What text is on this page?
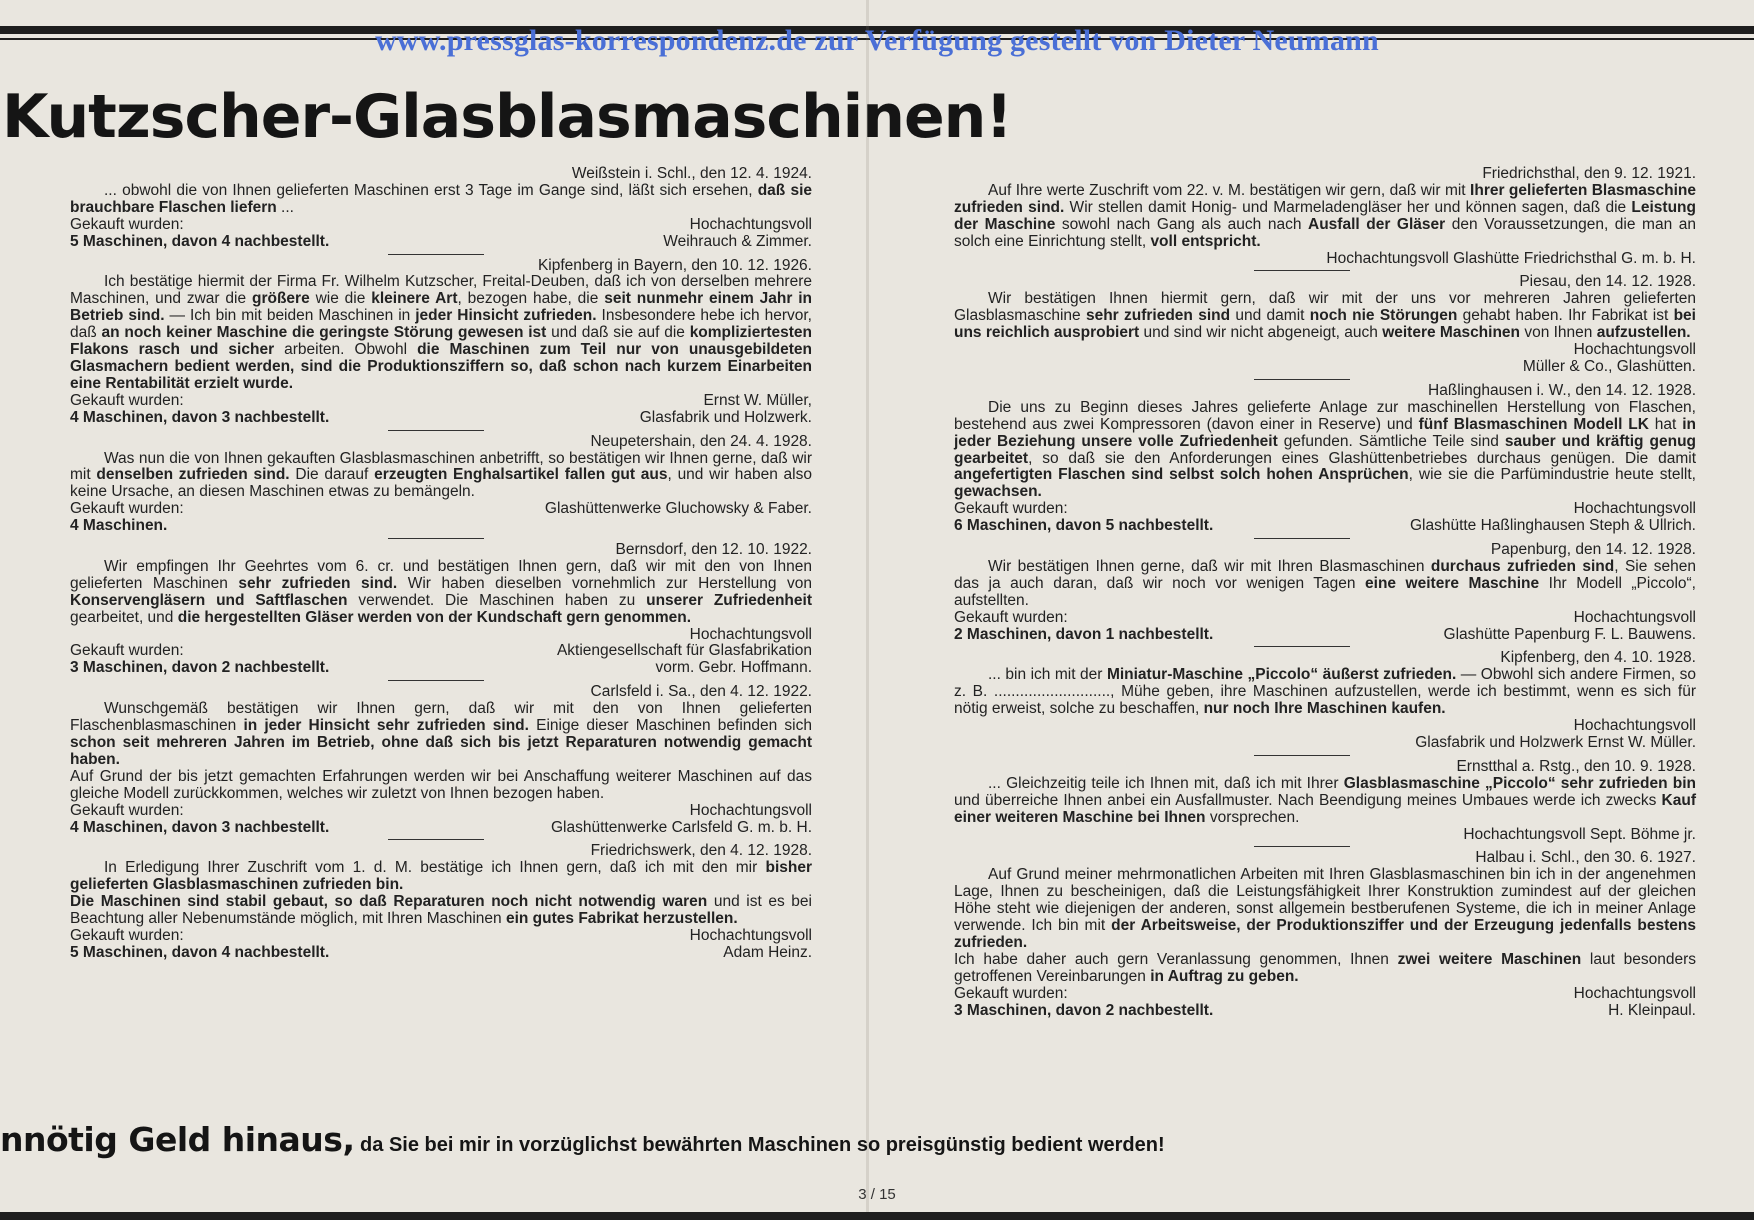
www.pressglas-korrespondenz.de zur Verfügung gestellt von Dieter Neumann
Kutzscher-Glasblasmaschinen!
Weißstein i. Schl., den 12. 4. 1924.
... obwohl die von Ihnen gelieferten Maschinen erst 3 Tage im Gange sind, läßt sich ersehen, daß sie brauchbare Flaschen liefern ...
Gekauft wurden:
5 Maschinen, davon 4 nachbestellt.
Hochachtungsvoll
Weihrauch & Zimmer.
Kipfenberg in Bayern, den 10. 12. 1926.
Ich bestätige hiermit der Firma Fr. Wilhelm Kutzscher, Freital-Deuben, daß ich von derselben mehrere Maschinen, und zwar die größere wie die kleinere Art, bezogen habe, die seit nunmehr einem Jahr in Betrieb sind. — Ich bin mit beiden Maschinen in jeder Hinsicht zufrieden. Insbesondere hebe ich hervor, daß an noch keiner Maschine die geringste Störung gewesen ist und daß sie auf die kompliziertesten Flakons rasch und sicher arbeiten. Obwohl die Maschinen zum Teil nur von unausgebildeten Glasmachern bedient werden, sind die Produktionsziffern so, daß schon nach kurzem Einarbeiten eine Rentabilität erzielt wurde.
Gekauft wurden:
4 Maschinen, davon 3 nachbestellt.
Ernst W. Müller,
Glasfabrik und Holzwerk.
Neupetershain, den 24. 4. 1928.
Was nun die von Ihnen gekauften Glasblasmaschinen anbetrifft, so bestätigen wir Ihnen gerne, daß wir mit denselben zufrieden sind. Die darauf erzeugten Enghalsartikel fallen gut aus, und wir haben also keine Ursache, an diesen Maschinen etwas zu bemängeln.
Gekauft wurden:
4 Maschinen.
Glashüttenwerke Gluchowsky & Faber.
Bernsdorf, den 12. 10. 1922.
Wir empfingen Ihr Geehrtes vom 6. cr. und bestätigen Ihnen gern, daß wir mit den von Ihnen gelieferten Maschinen sehr zufrieden sind. Wir haben dieselben vornehmlich zur Herstellung von Konservengläsern und Saftflaschen verwendet. Die Maschinen haben zu unserer Zufriedenheit gearbeitet, und die hergestellten Gläser werden von der Kundschaft gern genommen.
Gekauft wurden:
3 Maschinen, davon 2 nachbestellt.
Hochachtungsvoll
Aktiengesellschaft für Glasfabrikation
vorm. Gebr. Hoffmann.
Carlsfeld i. Sa., den 4. 12. 1922.
Wunschgemäß bestätigen wir Ihnen gern, daß wir mit den von Ihnen gelieferten Flaschenblasmaschinen in jeder Hinsicht sehr zufrieden sind. Einige dieser Maschinen befinden sich schon seit mehreren Jahren im Betrieb, ohne daß sich bis jetzt Reparaturen notwendig gemacht haben.
Auf Grund der bis jetzt gemachten Erfahrungen werden wir bei Anschaffung weiterer Maschinen auf das gleiche Modell zurückkommen, welches wir zuletzt von Ihnen bezogen haben.
Gekauft wurden:
4 Maschinen, davon 3 nachbestellt.
Hochachtungsvoll
Glashüttenwerke Carlsfeld G. m. b. H.
Friedrichswerk, den 4. 12. 1928.
In Erledigung Ihrer Zuschrift vom 1. d. M. bestätige ich Ihnen gern, daß ich mit den mir bisher gelieferten Glasblasmaschinen zufrieden bin.
Die Maschinen sind stabil gebaut, so daß Reparaturen noch nicht notwendig waren und ist es bei Beachtung aller Nebenumstände möglich, mit Ihren Maschinen ein gutes Fabrikat herzustellen.
Gekauft wurden:
5 Maschinen, davon 4 nachbestellt.
Hochachtungsvoll
Adam Heinz.
Friedrichsthal, den 9. 12. 1921.
Auf Ihre werte Zuschrift vom 22. v. M. bestätigen wir gern, daß wir mit Ihrer gelieferten Blasmaschine zufrieden sind. Wir stellen damit Honig- und Marmeladengläser her und können sagen, daß die Leistung der Maschine sowohl nach Gang als auch nach Ausfall der Gläser den Voraussetzungen, die man an solch eine Einrichtung stellt, voll entspricht.
Hochachtungsvoll Glashütte Friedrichsthal G. m. b. H.
Piesau, den 14. 12. 1928.
Wir bestätigen Ihnen hiermit gern, daß wir mit der uns vor mehreren Jahren gelieferten Glasblasmaschine sehr zufrieden sind und damit noch nie Störungen gehabt haben. Ihr Fabrikat ist bei uns reichlich ausprobiert und sind wir nicht abgeneigt, auch weitere Maschinen von Ihnen aufzustellen.
Hochachtungsvoll
Müller & Co., Glashütten.
Haßlinghausen i. W., den 14. 12. 1928.
Die uns zu Beginn dieses Jahres gelieferte Anlage zur maschinellen Herstellung von Flaschen, bestehend aus zwei Kompressoren (davon einer in Reserve) und fünf Blasmaschinen Modell LK hat in jeder Beziehung unsere volle Zufriedenheit gefunden. Sämtliche Teile sind sauber und kräftig genug gearbeitet, so daß sie den Anforderungen eines Glashüttenbetriebes durchaus genügen. Die damit angefertigten Flaschen sind selbst solch hohen Ansprüchen, wie sie die Parfümindustrie heute stellt, gewachsen.
Gekauft wurden:
6 Maschinen, davon 5 nachbestellt.
Hochachtungsvoll
Glashütte Haßlinghausen Steph & Ullrich.
Papenburg, den 14. 12. 1928.
Wir bestätigen Ihnen gerne, daß wir mit Ihren Blasmaschinen durchaus zufrieden sind, Sie sehen das ja auch daran, daß wir noch vor wenigen Tagen eine weitere Maschine Ihr Modell „Piccolo“, aufstellten.
Gekauft wurden:
2 Maschinen, davon 1 nachbestellt.
Hochachtungsvoll
Glashütte Papenburg F. L. Bauwens.
Kipfenberg, den 4. 10. 1928.
... bin ich mit der Miniatur-Maschine „Piccolo“ äußerst zufrieden. — Obwohl sich andere Firmen, so z. B. ..........................., Mühe geben, ihre Maschinen aufzustellen, werde ich bestimmt, wenn es sich für nötig erweist, solche zu beschaffen, nur noch Ihre Maschinen kaufen.
Hochachtungsvoll
Glasfabrik und Holzwerk Ernst W. Müller.
Ernstthal a. Rstg., den 10. 9. 1928.
... Gleichzeitig teile ich Ihnen mit, daß ich mit Ihrer Glasblasmaschine „Piccolo“ sehr zufrieden bin und überreiche Ihnen anbei ein Ausfallmuster. Nach Beendigung meines Umbaues werde ich zwecks Kauf einer weiteren Maschine bei Ihnen vorsprechen.
Hochachtungsvoll Sept. Böhme jr.
Halbau i. Schl., den 30. 6. 1927.
Auf Grund meiner mehrmonatlichen Arbeiten mit Ihren Glasblasmaschinen bin ich in der angenehmen Lage, Ihnen zu bescheinigen, daß die Leistungsfähigkeit Ihrer Konstruktion zumindest auf der gleichen Höhe steht wie diejenigen der anderen, sonst allgemein bestberufenen Systeme, die ich in meiner Anlage verwende. Ich bin mit der Arbeitsweise, der Produktionsziffer und der Erzeugung jedenfalls bestens zufrieden.
Ich habe daher auch gern Veranlassung genommen, Ihnen zwei weitere Maschinen laut besonders getroffenen Vereinbarungen in Auftrag zu geben.
Gekauft wurden:
3 Maschinen, davon 2 nachbestellt.
Hochachtungsvoll
H. Kleinpaul.

nnötig Geld hinaus, da Sie bei mir in vorzüglichst bewährten Maschinen so preisgünstig bedient werden!

3 / 15
